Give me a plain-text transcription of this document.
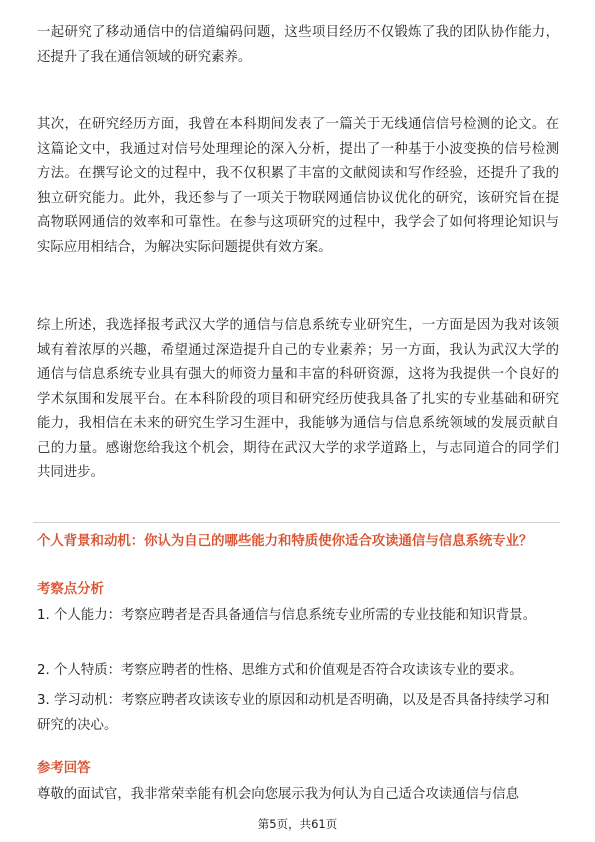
一起研究了移动通信中的信道编码问题，这些项目经历不仅锻炼了我的团队协作能力，还提升了我在通信领域的研究素养。

其次，在研究经历方面，我曾在本科期间发表了一篇关于无线通信信号检测的论文。在这篇论文中，我通过对信号处理理论的深入分析，提出了一种基于小波变换的信号检测方法。在撰写论文的过程中，我不仅积累了丰富的文献阅读和写作经验，还提升了我的独立研究能力。此外，我还参与了一项关于物联网通信协议优化的研究，该研究旨在提高物联网通信的效率和可靠性。在参与这项研究的过程中，我学会了如何将理论知识与实际应用相结合，为解决实际问题提供有效方案。

综上所述，我选择报考武汉大学的通信与信息系统专业研究生，一方面是因为我对该领域有着浓厚的兴趣，希望通过深造提升自己的专业素养；另一方面，我认为武汉大学的通信与信息系统专业具有强大的师资力量和丰富的科研资源，这将为我提供一个良好的学术氛围和发展平台。在本科阶段的项目和研究经历使我具备了扎实的专业基础和研究能力，我相信在未来的研究生学习生涯中，我能够为通信与信息系统领域的发展贡献自己的力量。感谢您给我这个机会，期待在武汉大学的求学道路上，与志同道合的同学们共同进步。

个人背景和动机：你认为自己的哪些能力和特质使你适合攻读通信与信息系统专业？

考察点分析

1. 个人能力：考察应聘者是否具备通信与信息系统专业所需的专业技能和知识背景。

2. 个人特质：考察应聘者的性格、思维方式和价值观是否符合攻读该专业的要求。

3. 学习动机：考察应聘者攻读该专业的原因和动机是否明确，以及是否具备持续学习和研究的决心。

参考回答

尊敬的面试官，我非常荣幸能有机会向您展示我为何认为自己适合攻读通信与信息

第5页，共61页
